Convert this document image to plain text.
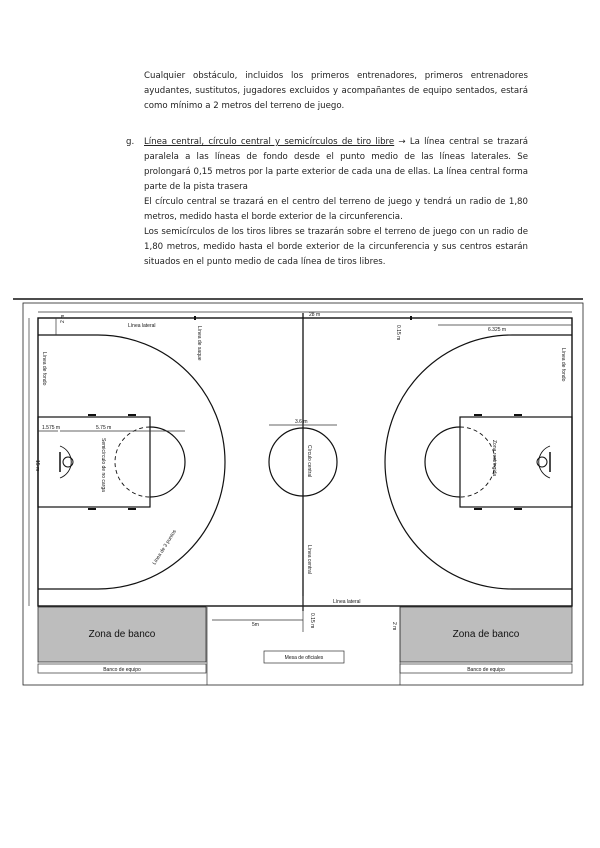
g.

Cualquier obstáculo, incluidos los primeros entrenadores, primeros entrenadores ayudantes, sustitutos, jugadores excluidos y acompañantes de equipo sentados, estará como mínimo a 2 metros del terreno de juego.

Línea central, círculo central y semicírculos de tiro libre → La línea central se trazará paralela a las líneas de fondo desde el punto medio de las líneas laterales. Se prolongará 0,15 metros por la parte exterior de cada una de ellas. La línea central forma parte de la pista trasera
El círculo central se trazará en el centro del terreno de juego y tendrá un radio de 1,80 metros, medido hasta el borde exterior de la circunferencia.
Los semicírculos de los tiros libres se trazarán sobre el terreno de juego con un radio de 1,80 metros, medido hasta el borde exterior de la circunferencia y sus centros estarán situados en el punto medio de cada línea de tiros libres.
28 m
15 m
2 m
Línea lateral	Línea de saque	0.15 m	6.325 m
Línea de fondo	Línea de fondo
1.575 m	5.75 m
3.6 m
Círculo central
Línea central
Semicírculo de no carga	Zona restringida
Línea de 3 puntos
Línea lateral
5m	0.15 m	2 m
Zona de banco	Zona de banco
Banco de equipo	Banco de equipo
Mesa de oficiales
